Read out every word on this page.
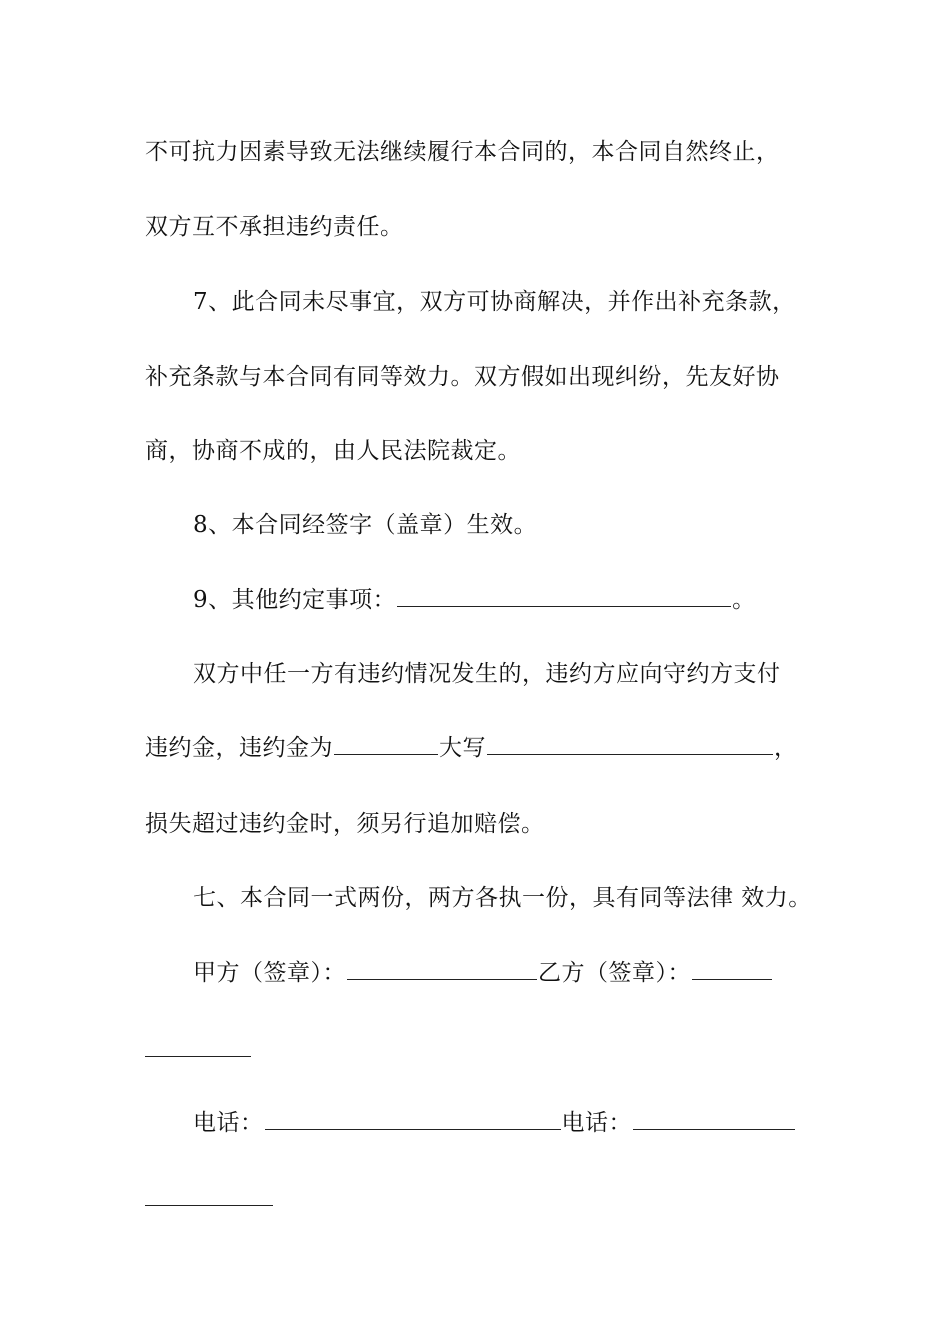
不可抗力因素导致无法继续履行本合同的，本合同自然终止，
双方互不承担违约责任。
7、此合同未尽事宜，双方可协商解决，并作出补充条款，
补充条款与本合同有同等效力。双方假如出现纠纷，先友好协
商，协商不成的，由人民法院裁定。
8、本合同经签字（盖章）生效。
9、其他约定事项：	。
双方中任一方有违约情况发生的，违约方应向守约方支付
违约金，违约金为	大写	，
损失超过违约金时，须另行追加赔偿。
七、本合同一式两份，两方各执一份，具有同等法律 效力。
甲方（签章）：	乙方（签章）：
电话：	电话：
